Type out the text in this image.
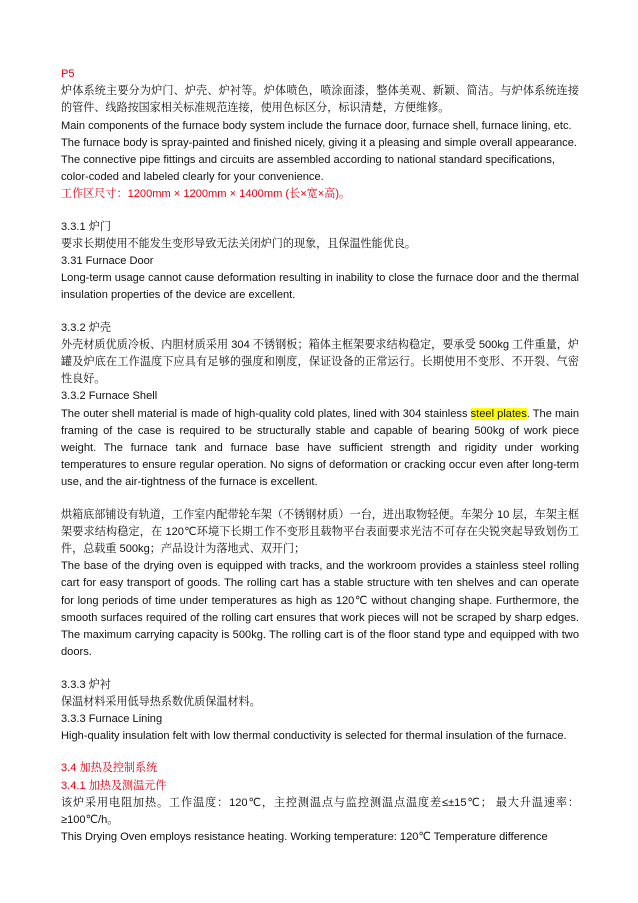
P5

炉体系统主要分为炉门、炉壳、炉衬等。炉体喷色，喷涂面漆，整体美观、新颖、简洁。与炉体系统连接的管件、线路按国家相关标准规范连接，使用色标区分，标识清楚，方便维修。

Main components of the furnace body system include the furnace door, furnace shell, furnace lining, etc. The furnace body is spray-painted and finished nicely, giving it a pleasing and simple overall appearance. The connective pipe fittings and circuits are assembled according to national standard specifications, color-coded and labeled clearly for your convenience.

工作区尺寸：1200mm × 1200mm × 1400mm (长×宽×高)。

3.3.1 炉门

要求长期使用不能发生变形导致无法关闭炉门的现象，且保温性能优良。

3.31 Furnace Door

Long-term usage cannot cause deformation resulting in inability to close the furnace door and the thermal insulation properties of the device are excellent.

3.3.2 炉壳

外壳材质优质冷板、内胆材质采用 304 不锈钢板；箱体主框架要求结构稳定，要承受 500kg 工件重量，炉罐及炉底在工作温度下应具有足够的强度和刚度，保证设备的正常运行。长期使用不变形、不开裂、气密性良好。

3.3.2 Furnace Shell

The outer shell material is made of high-quality cold plates, lined with 304 stainless steel plates. The main framing of the case is required to be structurally stable and capable of bearing 500kg of work piece weight. The furnace tank and furnace base have sufficient strength and rigidity under working temperatures to ensure regular operation. No signs of deformation or cracking occur even after long-term use, and the air-tightness of the furnace is excellent.

烘箱底部铺设有轨道，工作室内配带轮车架（不锈钢材质）一台，进出取物轻便。车架分 10 层，车架主框架要求结构稳定，在 120℃环境下长期工作不变形且载物平台表面要求光洁不可存在尖锐突起导致划伤工件，总载重 500kg；产品设计为落地式、双开门；

The base of the drying oven is equipped with tracks, and the workroom provides a stainless steel rolling cart for easy transport of goods. The rolling cart has a stable structure with ten shelves and can operate for long periods of time under temperatures as high as 120℃ without changing shape. Furthermore, the smooth surfaces required of the rolling cart ensures that work pieces will not be scraped by sharp edges. The maximum carrying capacity is 500kg. The rolling cart is of the floor stand type and equipped with two doors.

3.3.3 炉衬

保温材料采用低导热系数优质保温材料。

3.3.3 Furnace Lining

High-quality insulation felt with low thermal conductivity is selected for thermal insulation of the furnace.

3.4 加热及控制系统

3.4.1 加热及测温元件

该炉采用电阻加热。工作温度：120℃，主控测温点与监控测温点温度差≤±15℃； 最大升温速率：≥100℃/h。

This Drying Oven employs resistance heating. Working temperature: 120℃ Temperature difference
